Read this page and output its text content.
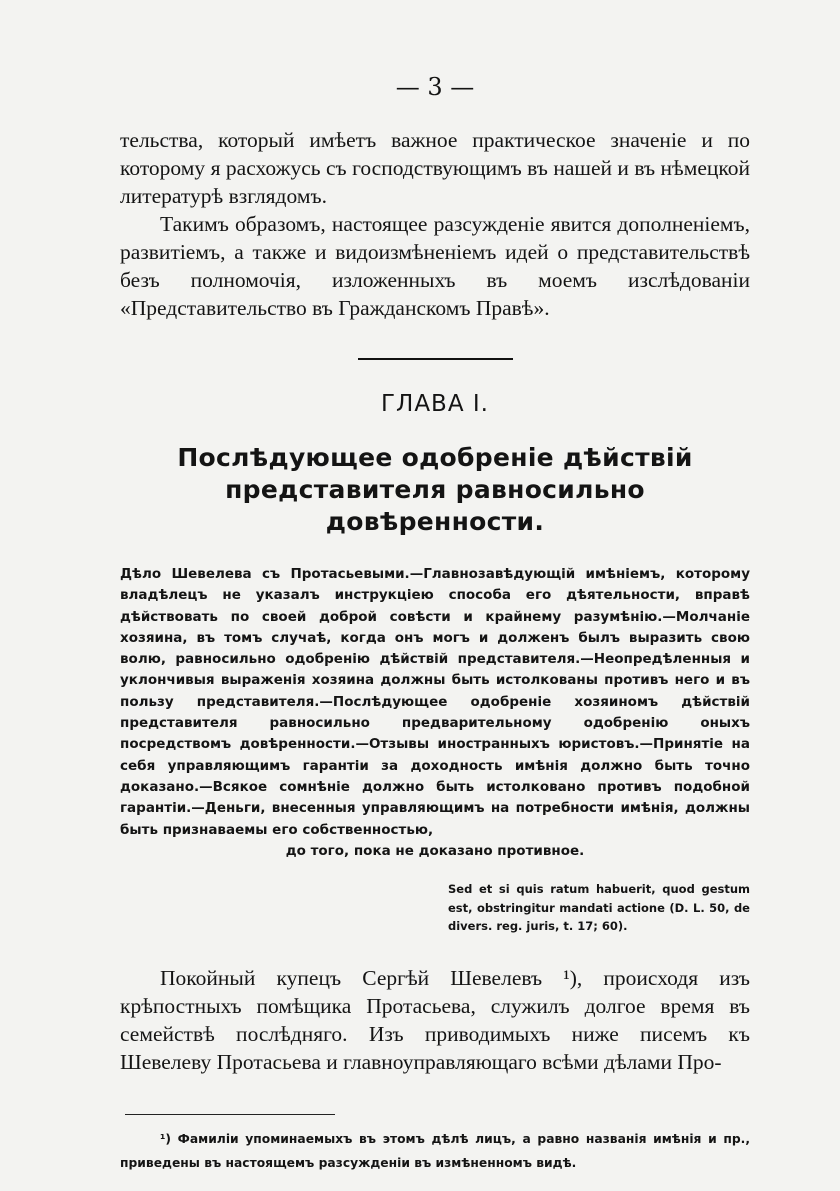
— 3 —

тельства, который имѣетъ важное практическое значеніе и по которому я расхожусь съ господствующимъ въ нашей и въ нѣмецкой литературѣ взглядомъ.

Такимъ образомъ, настоящее разсужденіе явится дополненіемъ, развитіемъ, а также и видоизмѣненіемъ идей о представительствѣ безъ полномочія, изложенныхъ въ моемъ изслѣдованіи «Представительство въ Гражданскомъ Правѣ».

ГЛАВА I.
Послѣдующее одобреніе дѣйствій представителя равносильно довѣренности.

Дѣло Шевелева съ Протасьевыми.—Главнозавѣдующій имѣніемъ, которому владѣлецъ не указалъ инструкціею способа его дѣятельности, вправѣ дѣйствовать по своей доброй совѣсти и крайнему разумѣнію.—Молчаніе хозяина, въ томъ случаѣ, когда онъ могъ и долженъ былъ выразить свою волю, равносильно одобренію дѣйствій представителя.—Неопредѣленныя и уклончивыя выраженія хозяина должны быть истолкованы противъ него и въ пользу представителя.—Послѣдующее одобреніе хозяиномъ дѣйствій представителя равносильно предварительному одобренію оныхъ посредствомъ довѣренности.—Отзывы иностранныхъ юристовъ.—Принятіе на себя управляющимъ гарантіи за доходность имѣнія должно быть точно доказано.—Всякое сомнѣніе должно быть истолковано противъ подобной гарантіи.—Деньги, внесенныя управляющимъ на потребности имѣнія, должны быть признаваемы его собственностью,

до того, пока не доказано противное.

Sed et si quis ratum habuerit, quod gestum est, obstringitur mandati actione (D. L. 50, de divers. reg. juris, t. 17; 60).

Покойный купецъ Сергѣй Шевелевъ ¹), происходя изъ крѣпостныхъ помѣщика Протасьева, служилъ долгое время въ семействѣ послѣдняго. Изъ приводимыхъ ниже писемъ къ Шевелеву Протасьева и главноуправляющаго всѣми дѣлами Про-

¹) Фамиліи упоминаемыхъ въ этомъ дѣлѣ лицъ, а равно названія имѣнія и пр., приведены въ настоящемъ разсужденіи въ измѣненномъ видѣ.
